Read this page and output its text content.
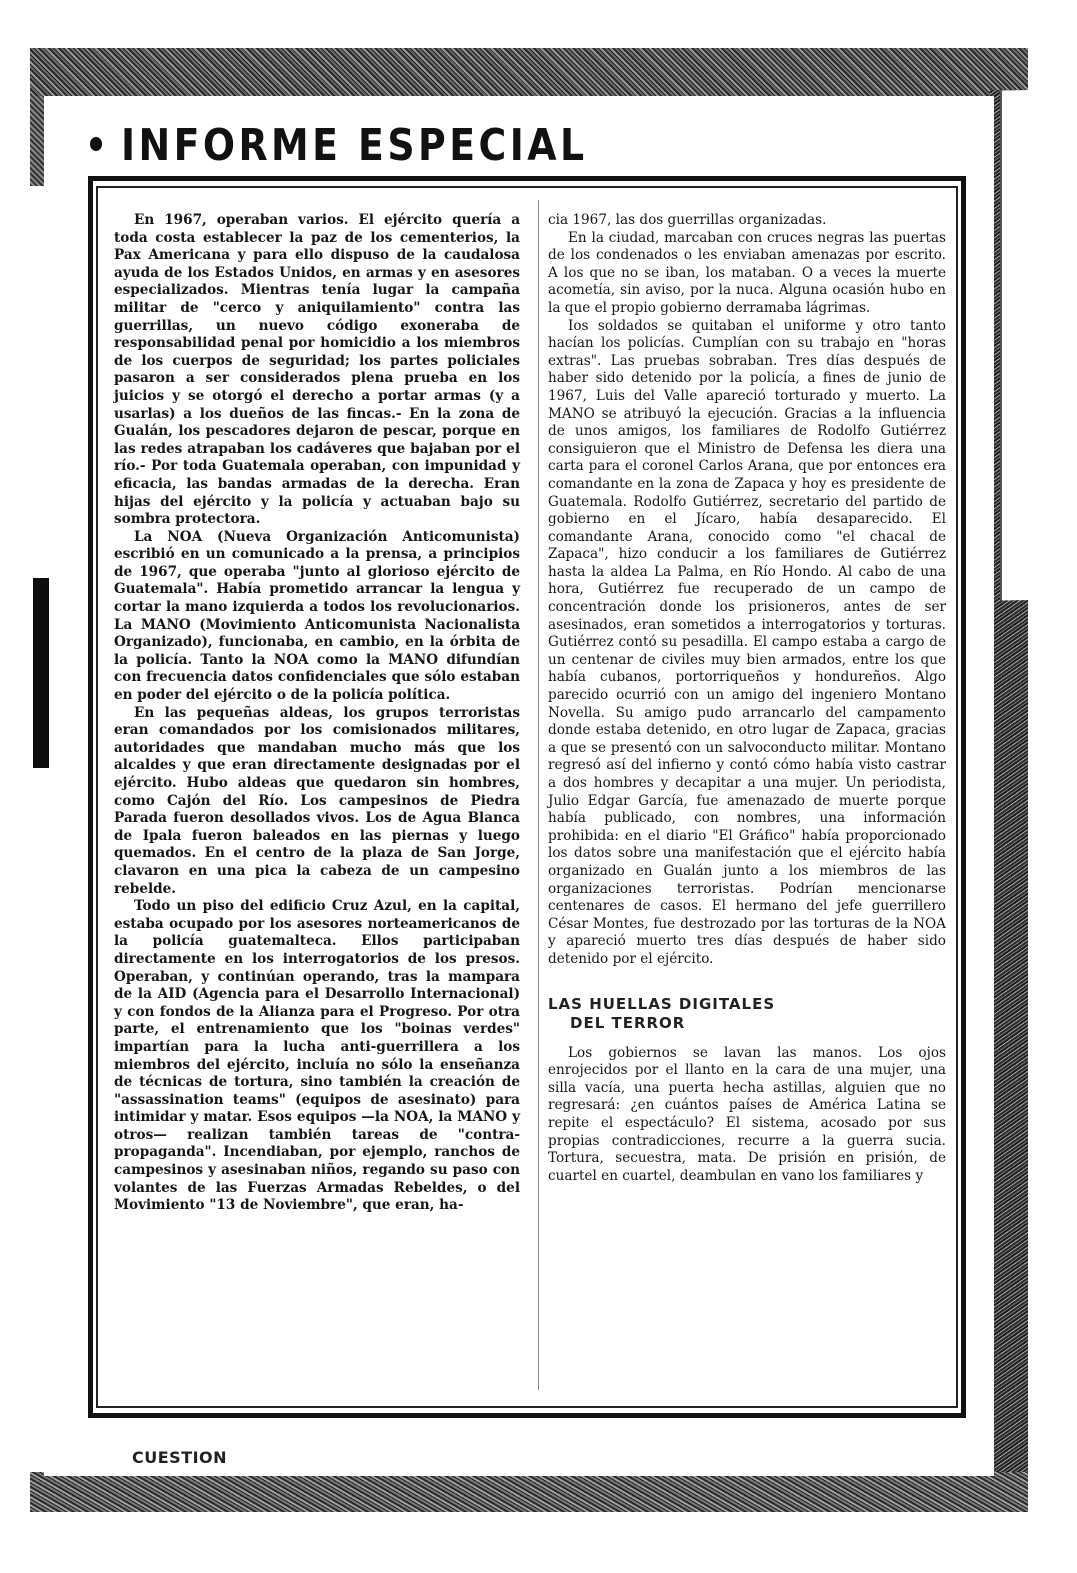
INFORME ESPECIAL

En 1967, operaban varios. El ejército quería a toda costa establecer la paz de los cementerios, la Pax Americana y para ello dispuso de la caudalosa ayuda de los Estados Unidos, en armas y en asesores especializados. Mientras tenía lugar la campaña militar de "cerco y aniquilamiento" contra las guerrillas, un nuevo código exoneraba de responsabilidad penal por homicidio a los miembros de los cuerpos de seguridad; los partes policiales pasaron a ser considerados plena prueba en los juicios y se otorgó el derecho a portar armas (y a usarlas) a los dueños de las fincas.- En la zona de Gualán, los pescadores dejaron de pescar, porque en las redes atrapaban los cadáveres que bajaban por el río.- Por toda Guatemala operaban, con impunidad y eficacia, las bandas armadas de la derecha. Eran hijas del ejército y la policía y actuaban bajo su sombra protectora.

La NOA (Nueva Organización Anticomunista) escribió en un comunicado a la prensa, a principios de 1967, que operaba "junto al glorioso ejército de Guatemala". Había prometido arrancar la lengua y cortar la mano izquierda a todos los revolucionarios. La MANO (Movimiento Anticomunista Nacionalista Organizado), funcionaba, en cambio, en la órbita de la policía. Tanto la NOA como la MANO difundían con frecuencia datos confidenciales que sólo estaban en poder del ejército o de la policía política.

En las pequeñas aldeas, los grupos terroristas eran comandados por los comisionados militares, autoridades que mandaban mucho más que los alcaldes y que eran directamente designadas por el ejército. Hubo aldeas que quedaron sin hombres, como Cajón del Río. Los campesinos de Piedra Parada fueron desollados vivos. Los de Agua Blanca de Ipala fueron baleados en las piernas y luego quemados. En el centro de la plaza de San Jorge, clavaron en una pica la cabeza de un campesino rebelde.

Todo un piso del edificio Cruz Azul, en la capital, estaba ocupado por los asesores norteamericanos de la policía guatemalteca. Ellos participaban directamente en los interrogatorios de los presos. Operaban, y continúan operando, tras la mampara de la AID (Agencia para el Desarrollo Internacional) y con fondos de la Alianza para el Progreso. Por otra parte, el entrenamiento que los "boinas verdes" impartían para la lucha anti-guerrillera a los miembros del ejército, incluía no sólo la enseñanza de técnicas de tortura, sino también la creación de "assassination teams" (equipos de asesinato) para intimidar y matar. Esos equipos —la NOA, la MANO y otros— realizan también tareas de "contra-propaganda". Incendiaban, por ejemplo, ranchos de campesinos y asesinaban niños, regando su paso con volantes de las Fuerzas Armadas Rebeldes, o del Movimiento "13 de Noviembre", que eran, ha-

cia 1967, las dos guerrillas organizadas.

En la ciudad, marcaban con cruces negras las puertas de los condenados o les enviaban amenazas por escrito. A los que no se iban, los mataban. O a veces la muerte acometía, sin aviso, por la nuca. Alguna ocasión hubo en la que el propio gobierno derramaba lágrimas.

Ios soldados se quitaban el uniforme y otro tanto hacían los policías. Cumplían con su trabajo en "horas extras". Las pruebas sobraban. Tres días después de haber sido detenido por la policía, a fines de junio de 1967, Luis del Valle apareció torturado y muerto. La MANO se atribuyó la ejecución. Gracias a la influencia de unos amigos, los familiares de Rodolfo Gutiérrez consiguieron que el Ministro de Defensa les diera una carta para el coronel Carlos Arana, que por entonces era comandante en la zona de Zapaca y hoy es presidente de Guatemala. Rodolfo Gutiérrez, secretario del partido de gobierno en el Jícaro, había desaparecido. El comandante Arana, conocido como "el chacal de Zapaca", hizo conducir a los familiares de Gutiérrez hasta la aldea La Palma, en Río Hondo. Al cabo de una hora, Gutiérrez fue recuperado de un campo de concentración donde los prisioneros, antes de ser asesinados, eran sometidos a interrogatorios y torturas. Gutiérrez contó su pesadilla. El campo estaba a cargo de un centenar de civiles muy bien armados, entre los que había cubanos, portorriqueños y hondureños. Algo parecido ocurrió con un amigo del ingeniero Montano Novella. Su amigo pudo arrancarlo del campamento donde estaba detenido, en otro lugar de Zapaca, gracias a que se presentó con un salvoconducto militar. Montano regresó así del infierno y contó cómo había visto castrar a dos hombres y decapitar a una mujer. Un periodista, Julio Edgar García, fue amenazado de muerte porque había publicado, con nombres, una información prohibida: en el diario "El Gráfico" había proporcionado los datos sobre una manifestación que el ejército había organizado en Gualán junto a los miembros de las organizaciones terroristas. Podrían mencionarse centenares de casos. El hermano del jefe guerrillero César Montes, fue destrozado por las torturas de la NOA y apareció muerto tres días después de haber sido detenido por el ejército.

LAS HUELLAS DIGITALES
DEL TERROR

Los gobiernos se lavan las manos. Los ojos enrojecidos por el llanto en la cara de una mujer, una silla vacía, una puerta hecha astillas, alguien que no regresará: ¿en cuántos países de América Latina se repite el espectáculo? El sistema, acosado por sus propias contradicciones, recurre a la guerra sucia. Tortura, secuestra, mata. De prisión en prisión, de cuartel en cuartel, deambulan en vano los familiares y

CUESTION
